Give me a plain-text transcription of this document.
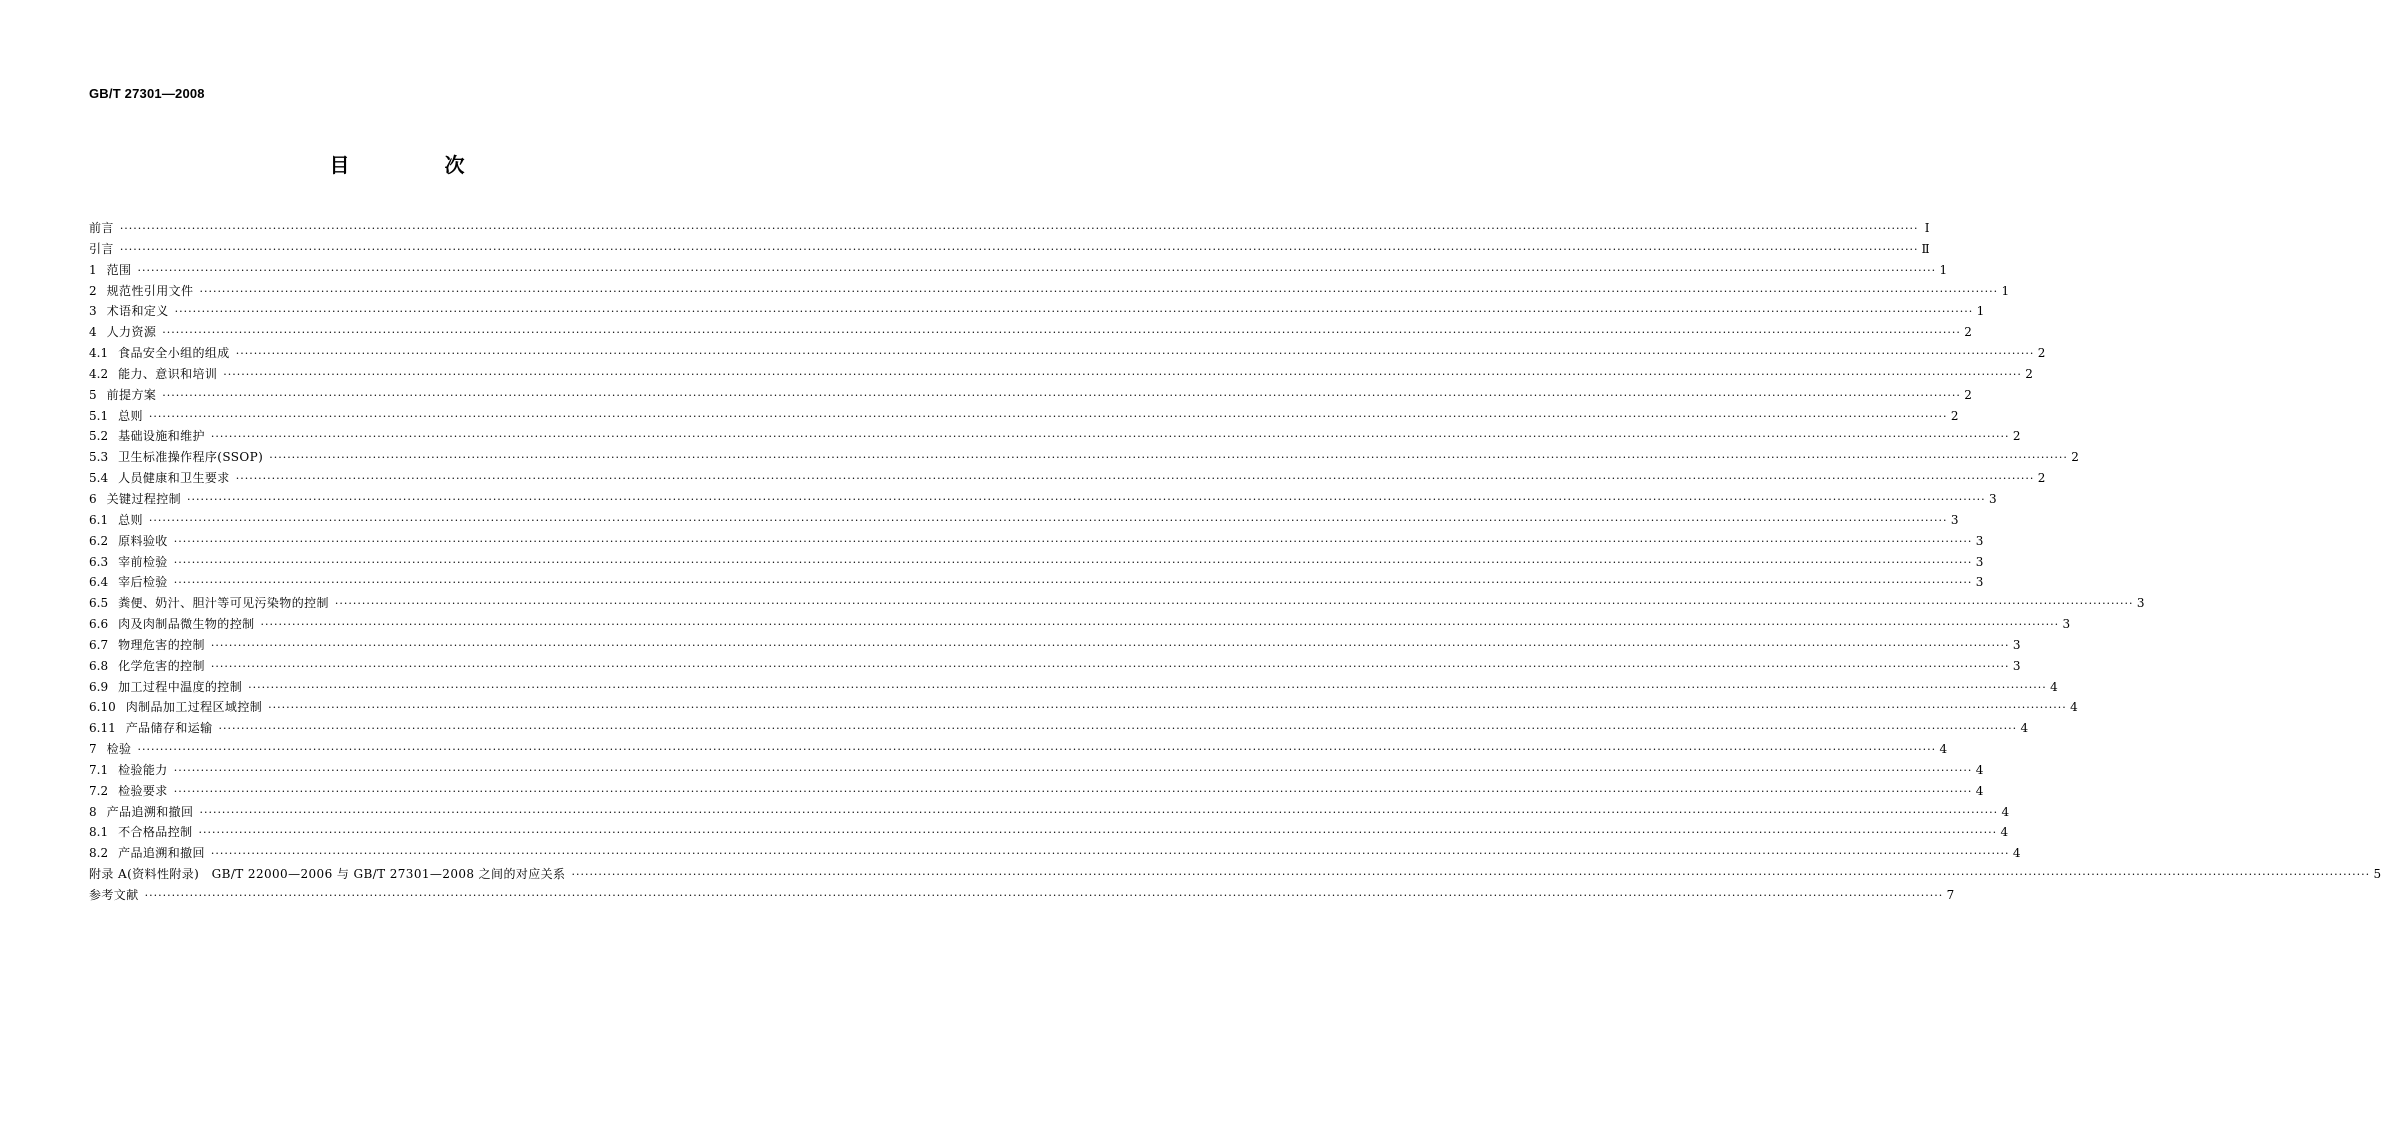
GB/T 27301—2008
目 次
前言 ················································································································································································································································································································································································································ Ⅰ
引言 ················································································································································································································································································································································································································ Ⅱ
1 范围 ················································································································································································································································································································································································································ 1
2 规范性引用文件 ················································································································································································································································································································································································································ 1
3 术语和定义 ················································································································································································································································································································································································································ 1
4 人力资源 ················································································································································································································································································································································································································ 2
4.1 食品安全小组的组成 ················································································································································································································································································································································································································ 2
4.2 能力、意识和培训 ················································································································································································································································································································································································································ 2
5 前提方案 ················································································································································································································································································································································································································ 2
5.1 总则 ················································································································································································································································································································································································································ 2
5.2 基础设施和维护 ················································································································································································································································································································································································································ 2
5.3 卫生标准操作程序(SSOP) ················································································································································································································································································································································································································ 2
5.4 人员健康和卫生要求 ················································································································································································································································································································································································································ 2
6 关键过程控制 ················································································································································································································································································································································································································ 3
6.1 总则 ················································································································································································································································································································································································································ 3
6.2 原料验收 ················································································································································································································································································································································································································ 3
6.3 宰前检验 ················································································································································································································································································································································································································ 3
6.4 宰后检验 ················································································································································································································································································································································································································ 3
6.5 粪便、奶汁、胆汁等可见污染物的控制 ················································································································································································································································································································································································································ 3
6.6 肉及肉制品微生物的控制 ················································································································································································································································································································································································································ 3
6.7 物理危害的控制 ················································································································································································································································································································································································································ 3
6.8 化学危害的控制 ················································································································································································································································································································································································································ 3
6.9 加工过程中温度的控制 ················································································································································································································································································································································································································ 4
6.10 肉制品加工过程区域控制 ················································································································································································································································································································································································································ 4
6.11 产品储存和运输 ················································································································································································································································································································································································································ 4
7 检验 ················································································································································································································································································································································································································ 4
7.1 检验能力 ················································································································································································································································································································································································································ 4
7.2 检验要求 ················································································································································································································································································································································································································ 4
8 产品追溯和撤回 ················································································································································································································································································································································································································ 4
8.1 不合格品控制 ················································································································································································································································································································································································································ 4
8.2 产品追溯和撤回 ················································································································································································································································································································································································································ 4
附录 A(资料性附录)　GB/T 22000—2006 与 GB/T 27301—2008 之间的对应关系 ················································································································································································································································································································································································································ 5
参考文献 ················································································································································································································································································································································································································ 7
